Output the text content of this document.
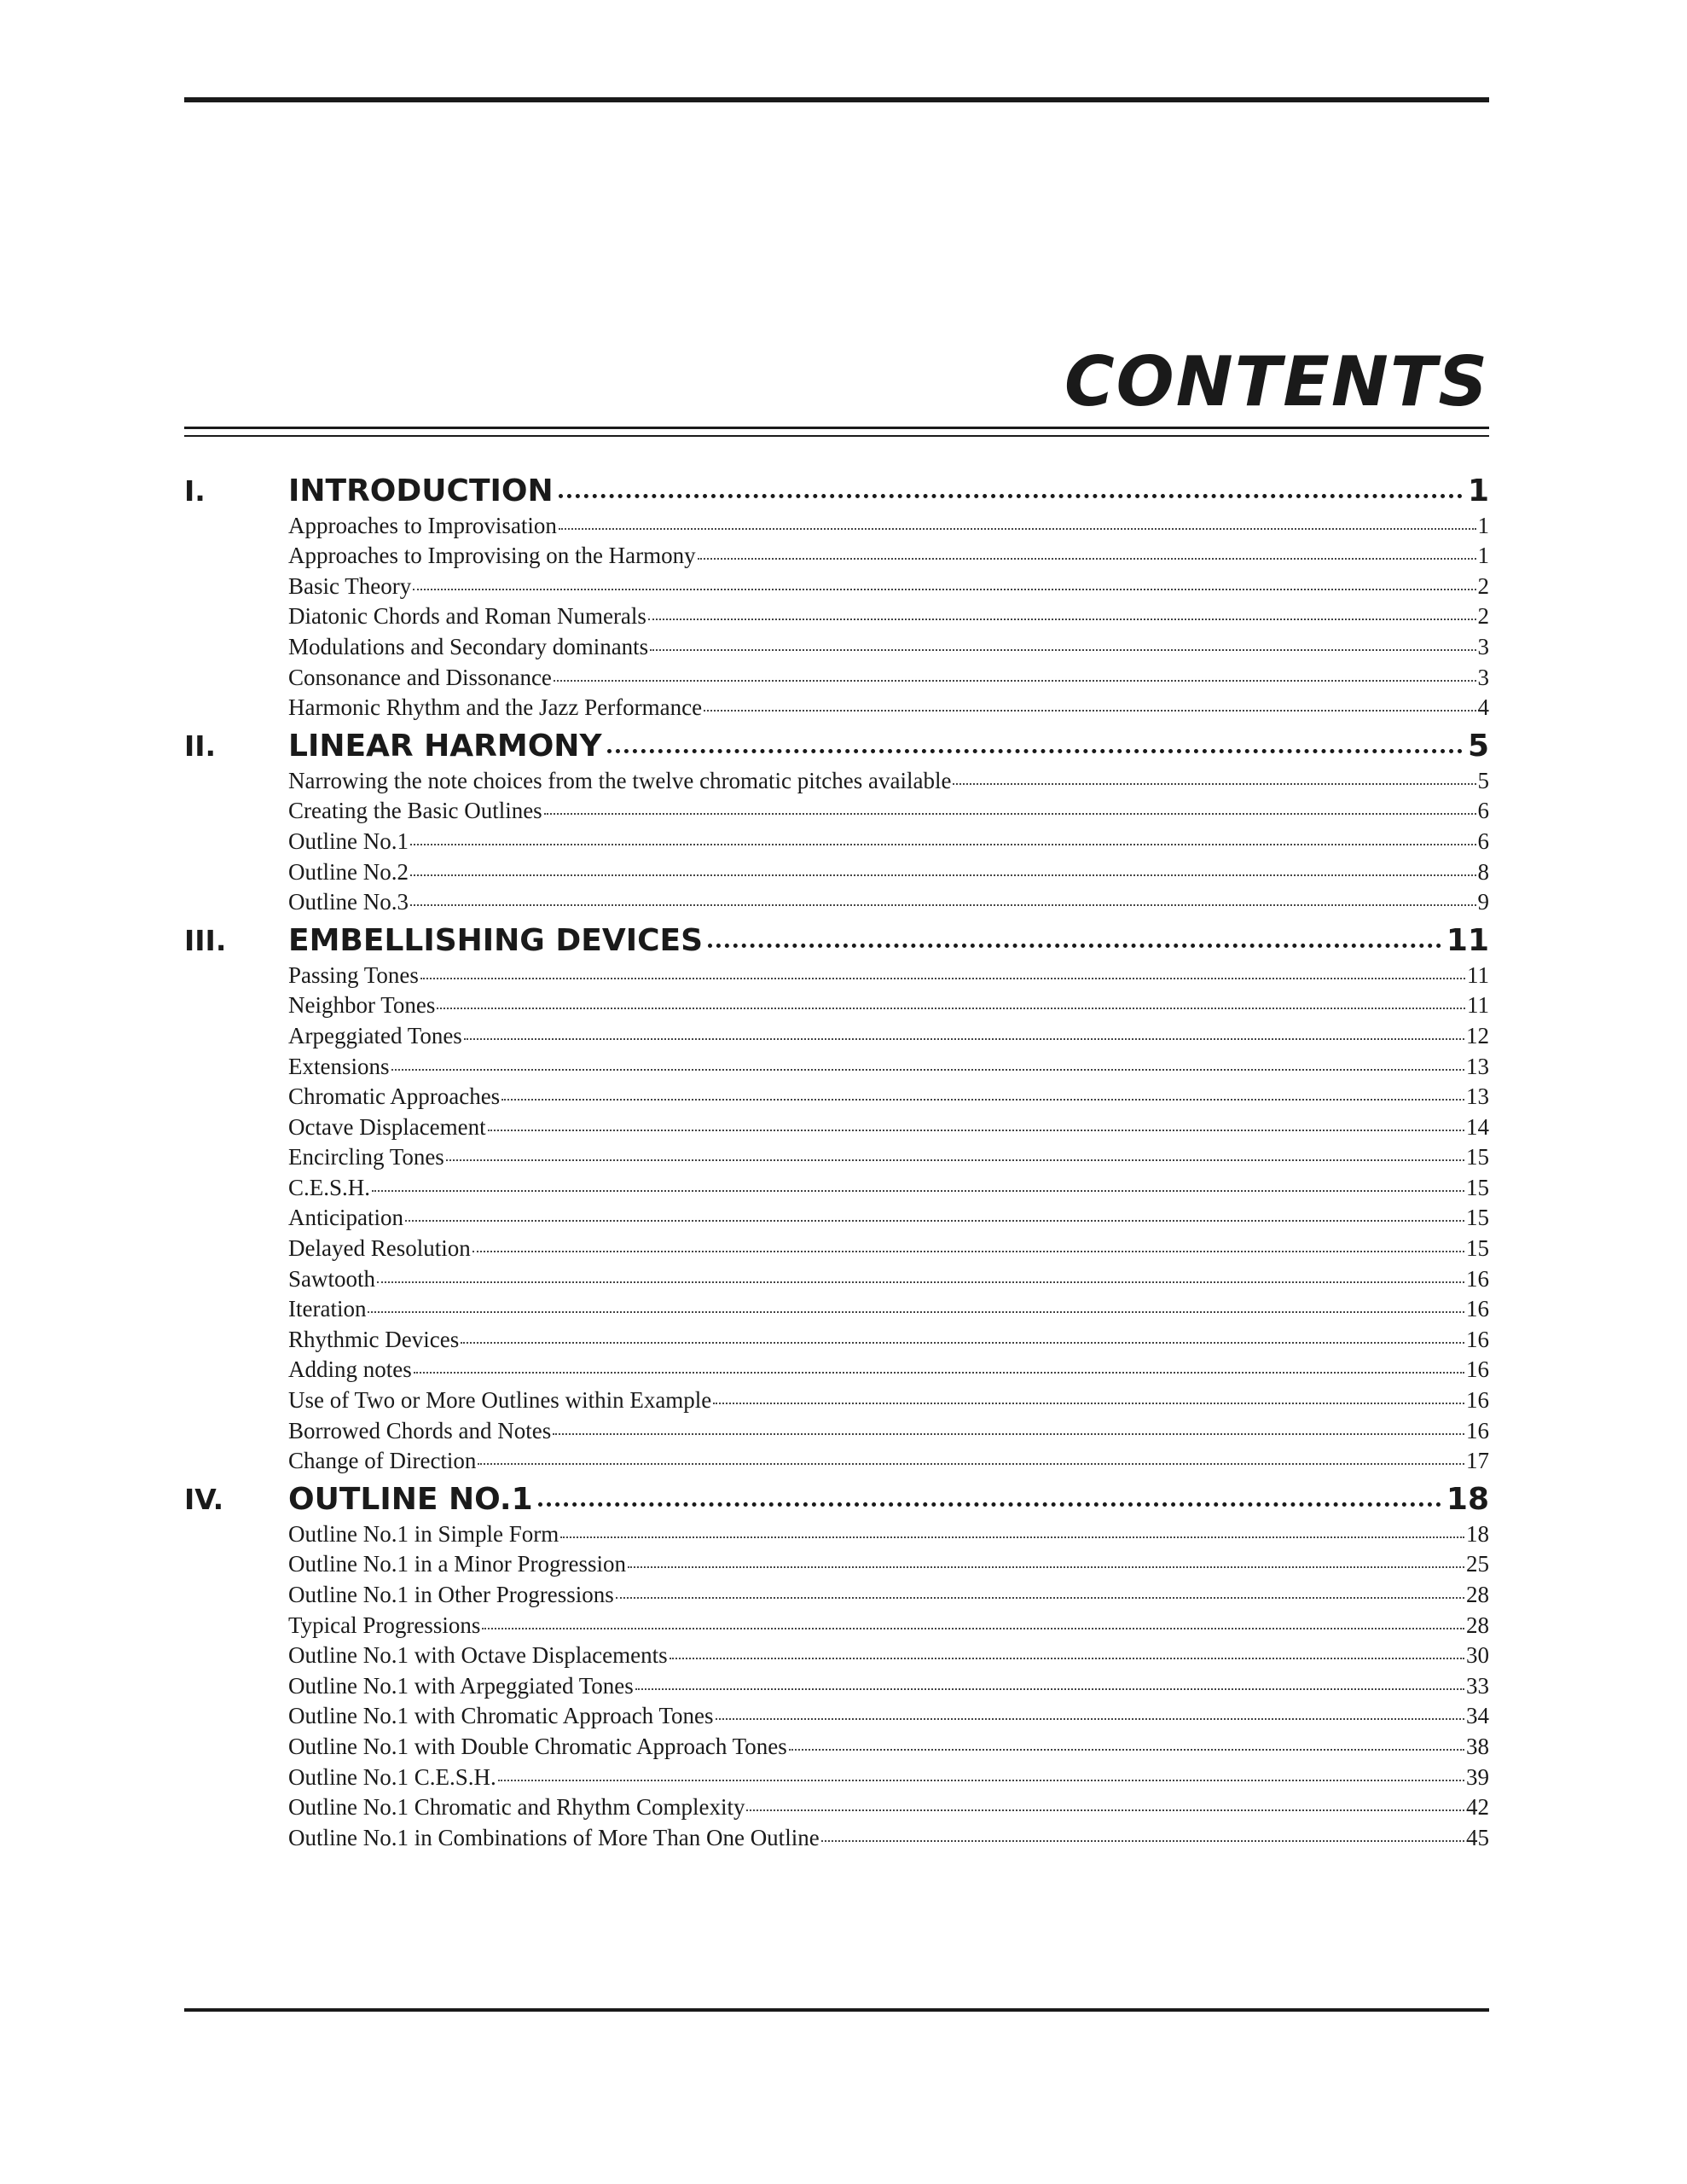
CONTENTS
I.	INTRODUCTION	1
Approaches to Improvisation	1
Approaches to Improvising on the Harmony	1
Basic Theory	2
Diatonic Chords and Roman Numerals	2
Modulations and Secondary dominants	3
Consonance and Dissonance	3
Harmonic Rhythm and the Jazz Performance	4
II. LINEAR HARMONY	5
Narrowing the note choices from the twelve chromatic pitches available	5
Creating the Basic Outlines	6
Outline No.1	6
Outline No.2	8
Outline No.3	9
III. EMBELLISHING DEVICES	11
Passing Tones	11
Neighbor Tones	11
Arpeggiated Tones	12
Extensions	13
Chromatic Approaches	13
Octave Displacement	14
Encircling Tones	15
C.E.S.H.	15
Anticipation	15
Delayed Resolution	15
Sawtooth	16
Iteration	16
Rhythmic Devices	16
Adding notes	16
Use of Two or More Outlines within Example	16
Borrowed Chords and Notes	16
Change of Direction	17
IV. OUTLINE NO.1	18
Outline No.1 in Simple Form	18
Outline No.1 in a Minor Progression	25
Outline No.1 in Other Progressions	28
Typical Progressions	28
Outline No.1 with Octave Displacements	30
Outline No.1 with Arpeggiated Tones	33
Outline No.1 with Chromatic Approach Tones	34
Outline No.1 with Double Chromatic Approach Tones	38
Outline No.1 C.E.S.H.	39
Outline No.1 Chromatic and Rhythm Complexity	42
Outline No.1 in Combinations of More Than One Outline	45
